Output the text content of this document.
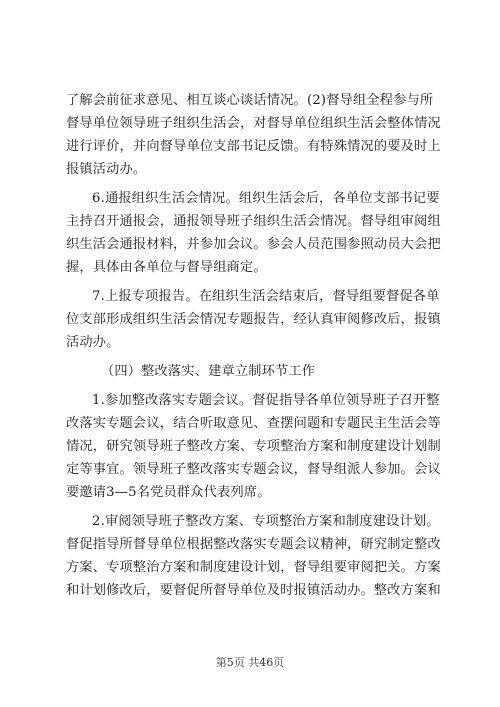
了解会前征求意见、相互谈心谈话情况。(2)督导组全程参与所
督导单位领导班子组织生活会，对督导单位组织生活会整体情况
进行评价，并向督导单位支部书记反馈。有特殊情况的要及时上
报镇活动办。
6.通报组织生活会情况。组织生活会后，各单位支部书记要
主持召开通报会，通报领导班子组织生活会情况。督导组审阅组
织生活会通报材料，并参加会议。参会人员范围参照动员大会把
握，具体由各单位与督导组商定。
7.上报专项报告。在组织生活会结束后，督导组要督促各单
位支部形成组织生活会情况专题报告，经认真审阅修改后，报镇
活动办。
（四）整改落实、建章立制环节工作
1.参加整改落实专题会议。督促指导各单位领导班子召开整
改落实专题会议，结合听取意见、查摆问题和专题民主生活会等
情况，研究领导班子整改方案、专项整治方案和制度建设计划制
定等事宜。领导班子整改落实专题会议，督导组派人参加。会议
要邀请3—5名党员群众代表列席。
2.审阅领导班子整改方案、专项整治方案和制度建设计划。
督促指导所督导单位根据整改落实专题会议精神，研究制定整改
方案、专项整治方案和制度建设计划，督导组要审阅把关。方案
和计划修改后，要督促所督导单位及时报镇活动办。整改方案和
第5页 共46页
